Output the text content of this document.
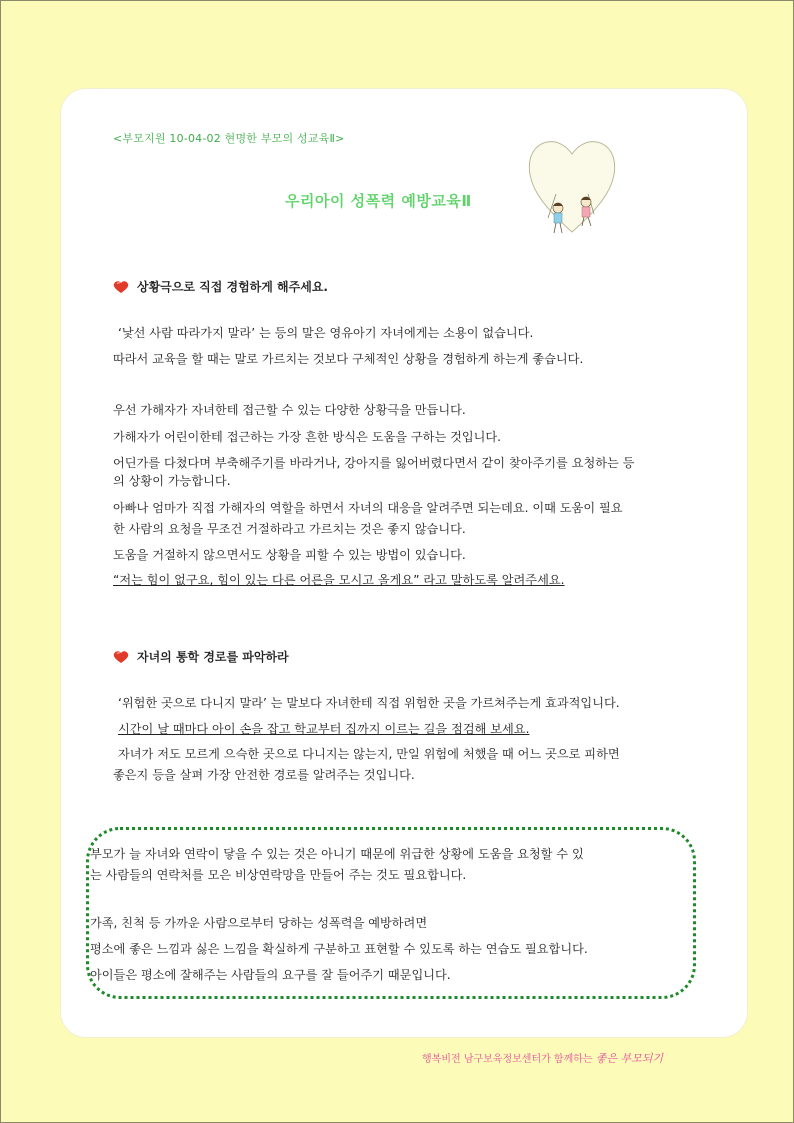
<부모지원 10-04-02 현명한 부모의 성교육Ⅱ>
우리아이 성폭력 예방교육Ⅱ
상황극으로 직접 경험하게 해주세요.
‘낯선 사람 따라가지 말라’ 는 등의 말은 영유아기 자녀에게는 소용이 없습니다.
따라서 교육을 할 때는 말로 가르치는 것보다 구체적인 상황을 경험하게 하는게 좋습니다.
우선 가해자가 자녀한테 접근할 수 있는 다양한 상황극을 만듭니다.
가해자가 어린이한테 접근하는 가장 흔한 방식은 도움을 구하는 것입니다.
어딘가를 다쳤다며 부축해주기를 바라거나, 강아지를 잃어버렸다면서 같이 찾아주기를 요청하는 등
의 상황이 가능합니다.
아빠나 엄마가 직접 가해자의 역할을 하면서 자녀의 대응을 알려주면 되는데요. 이때 도움이 필요
한 사람의 요청을 무조건 거절하라고 가르치는 것은 좋지 않습니다.
도움을 거절하지 않으면서도 상황을 피할 수 있는 방법이 있습니다.
“저는 힘이 없구요, 힘이 있는 다른 어른을 모시고 올게요” 라고 말하도록 알려주세요.
자녀의 통학 경로를 파악하라
‘위험한 곳으로 다니지 말라’ 는 말보다 자녀한테 직접 위험한 곳을 가르쳐주는게 효과적입니다.
시간이 날 때마다 아이 손을 잡고 학교부터 집까지 이르는 길을 점검해 보세요.
자녀가 저도 모르게 으슥한 곳으로 다니지는 않는지, 만일 위험에 처했을 때 어느 곳으로 피하면
좋은지 등을 살펴 가장 안전한 경로를 알려주는 것입니다.
부모가 늘 자녀와 연락이 닿을 수 있는 것은 아니기 때문에 위급한 상황에 도움을 요청할 수 있
는 사람들의 연락처를 모은 비상연락망을 만들어 주는 것도 필요합니다.
가족, 친척 등 가까운 사람으로부터 당하는 성폭력을 예방하려면
평소에 좋은 느낌과 싫은 느낌을 확실하게 구분하고 표현할 수 있도록 하는 연습도 필요합니다.
아이들은 평소에 잘해주는 사람들의 요구를 잘 들어주기 때문입니다.
행복비전 남구보육정보센터가 함께하는 좋은 부모되기
